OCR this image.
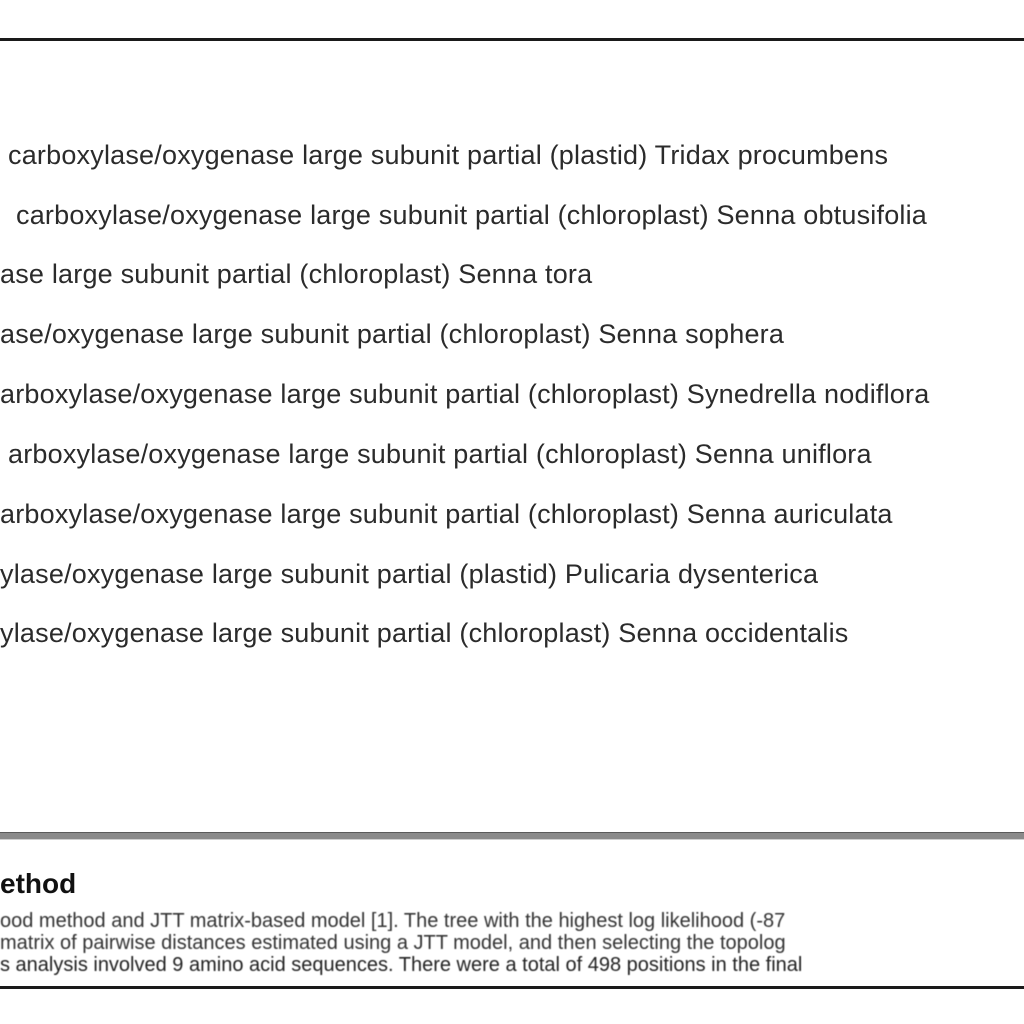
carboxylase/oxygenase large subunit partial (plastid) Tridax procumbens
carboxylase/oxygenase large subunit partial (chloroplast) Senna obtusifolia
ase large subunit partial (chloroplast) Senna tora
ase/oxygenase large subunit partial (chloroplast) Senna sophera
arboxylase/oxygenase large subunit partial (chloroplast) Synedrella nodiflora
arboxylase/oxygenase large subunit partial (chloroplast) Senna uniflora
arboxylase/oxygenase large subunit partial (chloroplast) Senna auriculata
ylase/oxygenase large subunit partial (plastid) Pulicaria dysenterica
ylase/oxygenase large subunit partial (chloroplast) Senna occidentalis
ethod
ood method and JTT matrix-based model [1]. The tree with the highest log likelihood (-87
matrix of pairwise distances estimated using a JTT model, and then selecting the topolog
s analysis involved 9 amino acid sequences. There were a total of 498 positions in the final
